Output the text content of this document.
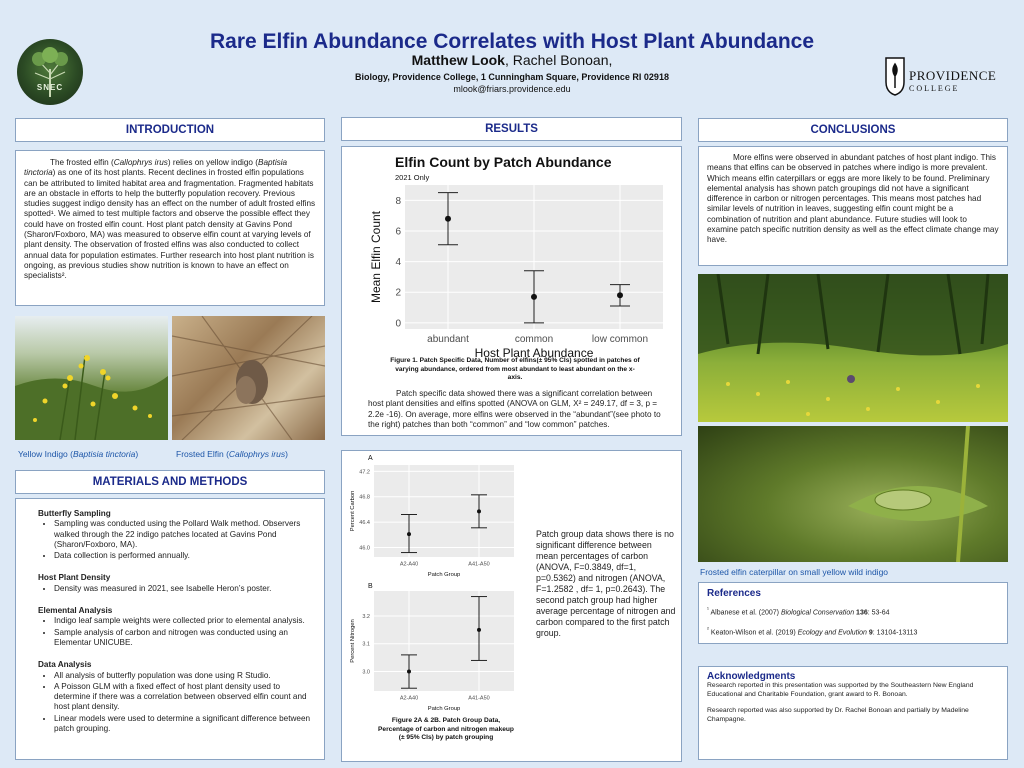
SNEC
Rare Elfin Abundance Correlates with Host Plant Abundance
Matthew Look, Rachel Bonoan,
Biology, Providence College, 1 Cunningham Square, Providence RI 02918
mlook@friars.providence.edu
PROVIDENCE
COLLEGE
INTRODUCTION
The frosted elfin (Callophrys irus) relies on yellow indigo (Baptisia tinctoria) as one of its host plants. Recent declines in frosted elfin populations can be attributed to limited habitat area and fragmentation. Fragmented habitats are an obstacle in efforts to help the butterfly population recovery. Previous studies suggest indigo density has an effect on the number of adult frosted elfins spotted¹. We aimed to test multiple factors and observe the possible effect they could have on frosted elfin count. Host plant patch density at Gavins Pond (Sharon/Foxboro, MA) was measured to observe elfin count at varying levels of plant density. The observation of frosted elfins was also conducted to collect annual data for population estimates. Further research into host plant nutrition is ongoing, as previous studies show nutrition is known to have an effect on specialists².
Yellow Indigo (Baptisia tinctoria)	Frosted Elfin (Callophrys irus)
MATERIALS AND METHODS
Butterfly Sampling
• Sampling was conducted using the Pollard Walk method. Observers walked through the 22 indigo patches located at Gavins Pond (Sharon/Foxboro, MA).
• Data collection is performed annually.
Host Plant Density
• Density was measured in 2021, see Isabelle Heron’s poster.
Elemental Analysis
• Indigo leaf sample weights were collected prior to elemental analysis.
• Sample analysis of carbon and nitrogen was conducted using an Elementar UNICUBE.
Data Analysis
• All analysis of butterfly population was done using R Studio.
• A Poisson GLM with a fixed effect of host plant density used to determine if there was a correlation between observed elfin count and host plant density.
• Linear models were used to determine a significant difference between patch grouping.
RESULTS
0
2
4
6
8
abundant	common	low common
Host Plant Abundance
Mean Elfin Count
Elfin Count by Patch Abundance
2021 Only
Figure 1. Patch Specific Data, Number of elfins(± 95% CIs) spotted in patches of varying abundance, ordered from most abundant to least abundant on the x-axis.
Patch specific data showed there was a significant correlation between host plant densities and elfins spotted (ANOVA on GLM, X² = 249.17, df = 3, p = 2.2e -16). On average, more elfins were observed in the “abundant”(see photo to the right) patches than both “common” and “low common” patches.
46.0
46.4
46.8
47.2
A2-A40	A41-A50
Patch Group
Percent Carbon
A
3.0
3.1
3.2
A2-A40	A41-A50
Patch Group
Percent Nitrogen
B
Figure 2A & 2B. Patch Group Data, Percentage of carbon and nitrogen makeup (± 95% CIs) by patch grouping
Patch group data shows there is no significant difference between mean percentages of carbon (ANOVA, F=0.3849, df=1, p=0.5362) and nitrogen (ANOVA, F=1.2582 , df= 1, p=0.2643). The second patch group had higher average percentage of nitrogen and carbon compared to the first patch group.
CONCLUSIONS
More elfins were observed in abundant patches of host plant indigo. This means that elfins can be observed in patches where indigo is more prevalent. Which means elfin caterpillars or eggs are more likely to be found. Preliminary elemental analysis has shown patch groupings did not have a significant difference in carbon or nitrogen percentages. This means most patches had similar levels of nutrition in leaves, suggesting elfin count might be a combination of nutrition and plant abundance. Future studies will look to examine patch specific nutrition density as well as the effect climate change may have.
Frosted elfin caterpillar on small yellow wild indigo
References
$^{^1}$ Albanese et al. (2007) Biological Conservation 136: 53-64
$^{^2}$ Keaton-Wilson et al. (2019) Ecology and Evolution 9: 13104-13113
Acknowledgments
Research reported in this presentation was supported by the Southeastern New England Educational and Charitable Foundation, grant award to R. Bonoan.
Research reported was also supported by Dr. Rachel Bonoan and partially by Madeline Champagne.
